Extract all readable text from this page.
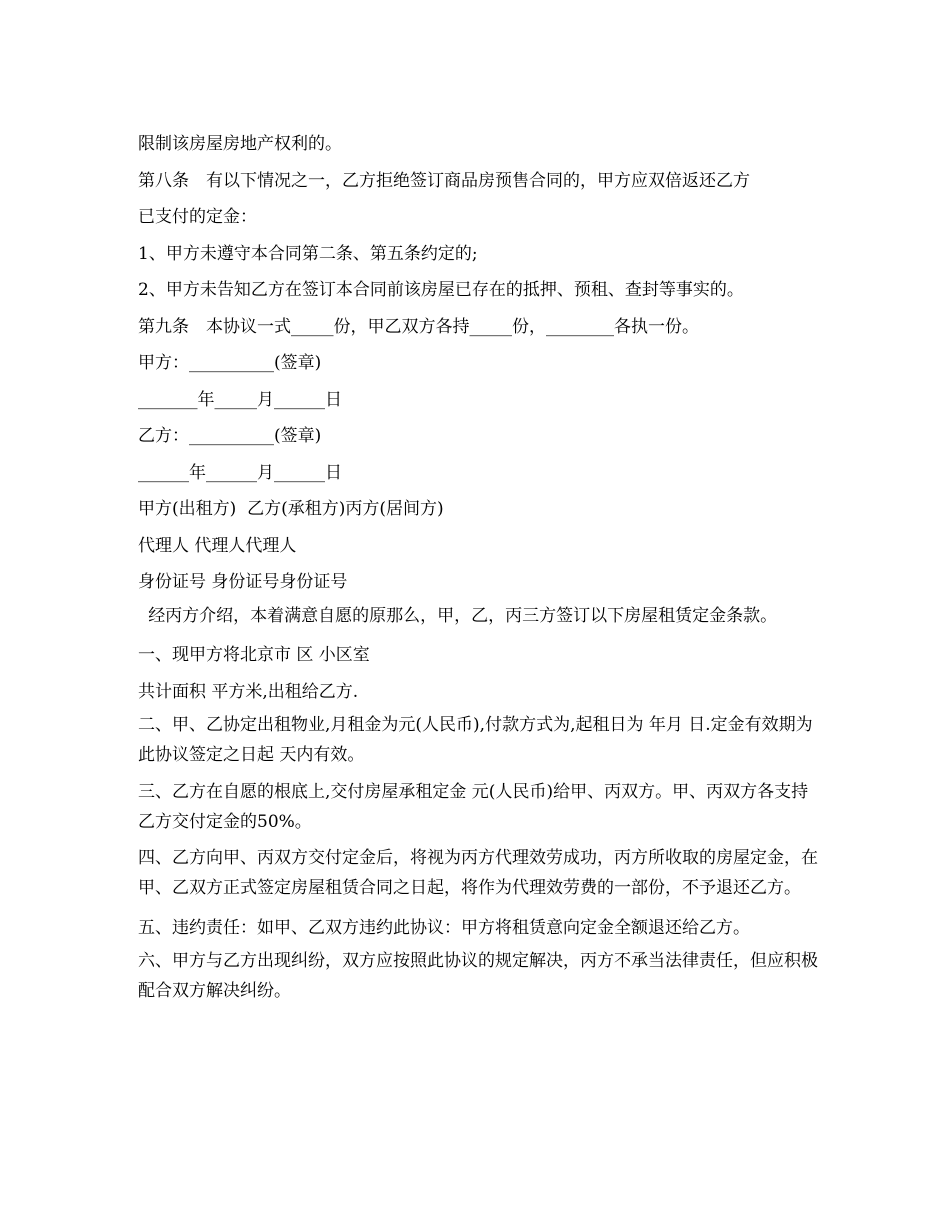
限制该房屋房地产权利的。
第八条　有以下情况之一，乙方拒绝签订商品房预售合同的，甲方应双倍返还乙方
已支付的定金：
1、甲方未遵守本合同第二条、第五条约定的;
2、甲方未告知乙方在签订本合同前该房屋已存在的抵押、预租、查封等事实的。
第九条　本协议一式_____份，甲乙双方各持_____份，________各执一份。
甲方：__________(签章)
_______年_____月______日
乙方：__________(签章)
______年______月______日
甲方(出租方)  乙方(承租方)丙方(居间方)
代理人 代理人代理人
身份证号 身份证号身份证号
经丙方介绍，本着满意自愿的原那么，甲，乙，丙三方签订以下房屋租赁定金条款。
一、现甲方将北京市 区 小区室
共计面积 平方米,出租给乙方.
二、甲、乙协定出租物业,月租金为元(人民币),付款方式为,起租日为 年月 日.定金有效期为此协议签定之日起 天内有效。
三、乙方在自愿的根底上,交付房屋承租定金 元(人民币)给甲、丙双方。甲、丙双方各支持乙方交付定金的50%。
四、乙方向甲、丙双方交付定金后，将视为丙方代理效劳成功，丙方所收取的房屋定金，在甲、乙双方正式签定房屋租赁合同之日起，将作为代理效劳费的一部份，不予退还乙方。
五、违约责任：如甲、乙双方违约此协议：甲方将租赁意向定金全额退还给乙方。
六、甲方与乙方出现纠纷，双方应按照此协议的规定解决，丙方不承当法律责任，但应积极配合双方解决纠纷。
